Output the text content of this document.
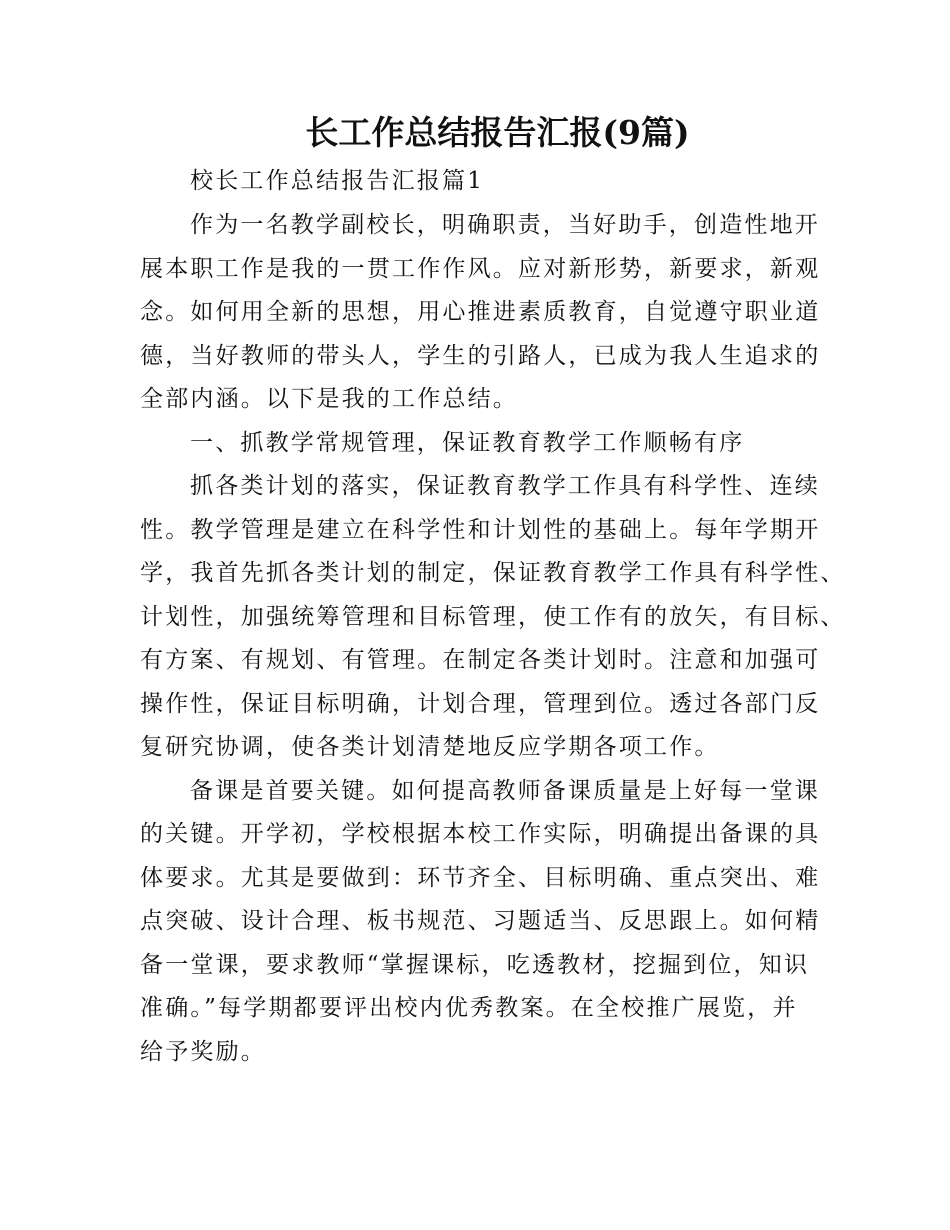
长工作总结报告汇报(9篇)

校长工作总结报告汇报篇1

作为一名教学副校长，明确职责，当好助手，创造性地开

展本职工作是我的一贯工作作风。应对新形势，新要求，新观

念。如何用全新的思想，用心推进素质教育，自觉遵守职业道

德，当好教师的带头人，学生的引路人，已成为我人生追求的

全部内涵。以下是我的工作总结。

一、抓教学常规管理，保证教育教学工作顺畅有序

抓各类计划的落实，保证教育教学工作具有科学性、连续

性。教学管理是建立在科学性和计划性的基础上。每年学期开

学，我首先抓各类计划的制定，保证教育教学工作具有科学性、

计划性，加强统筹管理和目标管理，使工作有的放矢，有目标、

有方案、有规划、有管理。在制定各类计划时。注意和加强可

操作性，保证目标明确，计划合理，管理到位。透过各部门反

复研究协调，使各类计划清楚地反应学期各项工作。

备课是首要关键。如何提高教师备课质量是上好每一堂课

的关键。开学初，学校根据本校工作实际，明确提出备课的具

体要求。尤其是要做到：环节齐全、目标明确、重点突出、难

点突破、设计合理、板书规范、习题适当、反思跟上。如何精

备一堂课，要求教师“掌握课标，吃透教材，挖掘到位，知识

准确。”每学期都要评出校内优秀教案。在全校推广展览，并

给予奖励。
